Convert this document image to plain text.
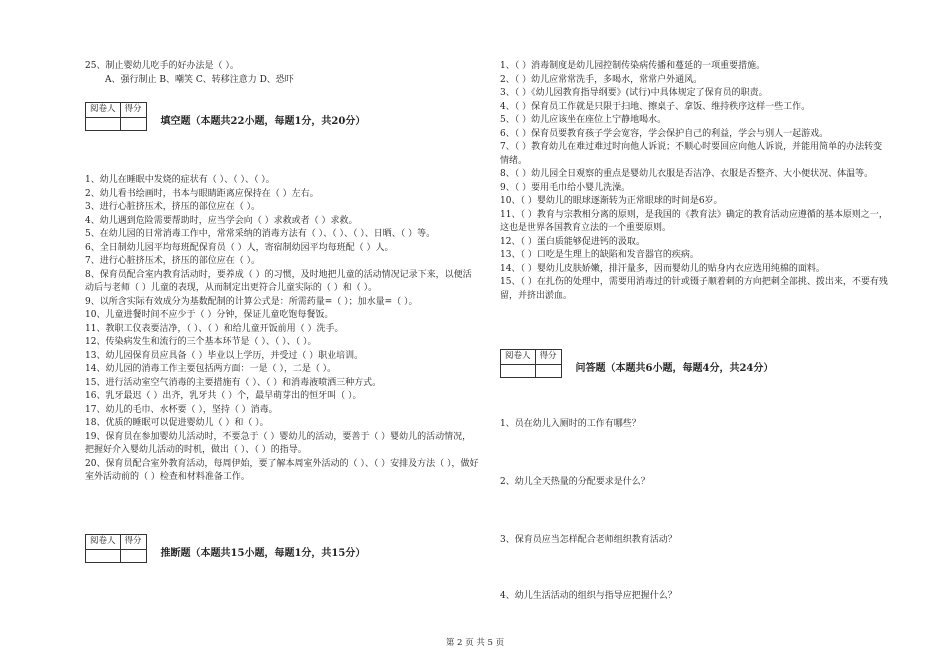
25、制止婴幼儿吃手的好办法是（ ）。
A、强行制止 B、嘲笑 C、转移注意力 D、恐吓
阅卷人	得分

填空题（本题共22小题，每题1分，共20分）
1、幼儿在睡眠中发烧的症状有（ ）、（ ）、（ ）。
2、幼儿看书绘画时，书本与眼睛距离应保持在（ ）左右。
3、进行心脏挤压术，挤压的部位应在（ ）。
4、幼儿遇到危险需要帮助时，应当学会向（ ）求救或者（ ）求救。
5、在幼儿园的日常消毒工作中，常常采纳的消毒方法有（ ）、（ ）、（ ）、日晒、（ ）等。
6、全日制幼儿园平均每班配保育员（ ）人，寄宿制幼园平均每班配（ ）人。
7、进行心脏挤压术，挤压的部位应在（ ）。
8、保育员配合室内教育活动时，要养成（ ）的习惯，及时地把儿童的活动情况记录下来，以便活动后与老师（ ）儿童的表现，从而制定出更符合儿童实际的（ ）和（ ）。
9、以所含实际有效成分为基数配制的计算公式是：所需药量=（ ）；加水量=（ ）。
10、儿童进餐时间不应少于（ ）分钟，保证儿童吃饱每餐饭。
11、教职工仪表要洁净，（ ）、（ ）和给儿童开饭前用（ ）洗手。
12、传染病发生和流行的三个基本环节是（ ）、（ ）、（ ）。
13、幼儿园保育员应具备（ ）毕业以上学历，并受过（ ）职业培训。
14、幼儿园的消毒工作主要包括两方面：一是（ ），二是（ ）。
15、进行活动室空气消毒的主要措施有（ ）、（ ）和消毒液喷洒三种方式。
16、乳牙最迟（ ）出齐，乳牙共（ ）个，最早萌芽出的恒牙叫（ ）。
17、幼儿的毛巾、水杯要（ ），坚持（ ）消毒。
18、优质的睡眠可以促进婴幼儿（ ）和（ ）。
19、保育员在参加婴幼儿活动时，不要急于（ ）婴幼儿的活动，要善于（ ）婴幼儿的活动情况，把握好介入婴幼儿活动的时机，做出（ ）、（ ）的指导。
20、保育员配合室外教育活动，每周伊始，要了解本周室外活动的（ ）、（ ）安排及方法（ ），做好室外活动前的（ ）检查和材料准备工作。
阅卷人	得分

推断题（本题共15小题，每题1分，共15分）
1、（ ）消毒制度是幼儿园控制传染病传播和蔓延的一项重要措施。
2、（ ）幼儿应常常洗手，多喝水，常常户外通风。
3、（ ）《幼儿园教育指导纲要》(试行)中具体规定了保育员的职责。
4、（ ）保育员工作就是只限于扫地、擦桌子、拿饭、维持秩序这样一些工作。
5、（ ）幼儿应该坐在座位上宁静地喝水。
6、（ ）保育员要教育孩子学会宽容，学会保护自己的利益，学会与别人一起游戏。
7、（ ）教育幼儿在难过难过时向他人诉说；不顺心时要回应向他人诉说，并能用简单的办法转变情绪。
8、（ ）幼儿园全日观察的重点是婴幼儿衣服是否洁净、衣服是否整齐、大小便状况、体温等。
9、（ ）要用毛巾给小婴儿洗澡。
10、（ ）婴幼儿的眼球逐渐转为正常眼球的时间是6岁。
11、（ ）教育与宗教相分离的原则，是我国的《教育法》确定的教育活动应遵循的基本原则之一，这也是世界各国教育立法的一个重要原则。
12、（ ）蛋白质能够促进钙的汲取。
13、（ ）口吃是生理上的缺陷和发音器官的疾病。
14、（ ）婴幼儿皮肤娇嫩，排汗量多，因而婴幼儿的贴身内衣应选用纯棉的面料。
15、（ ）在扎伤的处理中，需要用消毒过的针或镊子顺着刺的方向把刺全部挑、拨出来，不要有残留，并挤出淤血。
阅卷人	得分

问答题（本题共6小题，每题4分，共24分）
1、员在幼儿入厕时的工作有哪些？
2、幼儿全天热量的分配要求是什么？
3、保育员应当怎样配合老师组织教育活动？
4、幼儿生活活动的组织与指导应把握什么？
第 2 页 共 5 页
